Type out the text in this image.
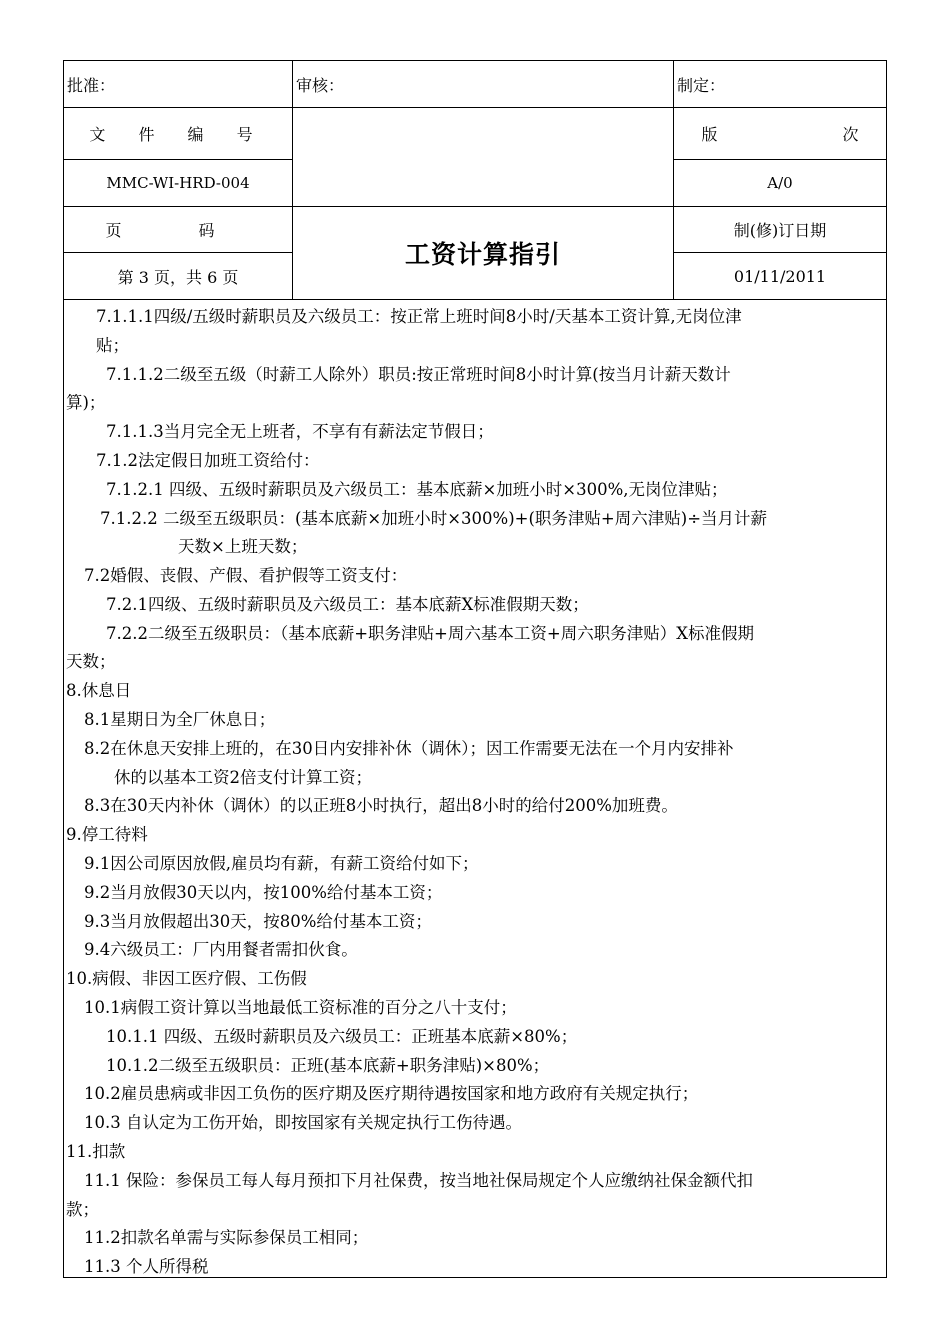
批准：	审核：	制定：
文 件 编 号
MMC-WI-HRD-004
页 码
第 3 页，共 6 页
工资计算指引
版 次
A/0
制(修)订日期
01/11/2011
7.1.1.1四级/五级时薪职员及六级员工：按正常上班时间8小时/天基本工资计算,无岗位津
贴；
7.1.1.2二级至五级（时薪工人除外）职员:按正常班时间8小时计算(按当月计薪天数计
算)；
7.1.1.3当月完全无上班者，不享有有薪法定节假日；
7.1.2法定假日加班工资给付：
7.1.2.1 四级、五级时薪职员及六级员工：基本底薪×加班小时×300%,无岗位津贴；
7.1.2.2 二级至五级职员：(基本底薪×加班小时×300%)+(职务津贴+周六津贴)÷当月计薪
天数×上班天数；
7.2婚假、丧假、产假、看护假等工资支付：
7.2.1四级、五级时薪职员及六级员工：基本底薪X标准假期天数；
7.2.2二级至五级职员：（基本底薪+职务津贴+周六基本工资+周六职务津贴）X标准假期
天数；
8.休息日
8.1星期日为全厂休息日；
8.2在休息天安排上班的，在30日内安排补休（调休）；因工作需要无法在一个月内安排补
休的以基本工资2倍支付计算工资；
8.3在30天内补休（调休）的以正班8小时执行，超出8小时的给付200%加班费。
9.停工待料
9.1因公司原因放假,雇员均有薪，有薪工资给付如下；
9.2当月放假30天以内，按100%给付基本工资；
9.3当月放假超出30天，按80%给付基本工资；
9.4六级员工：厂内用餐者需扣伙食。
10.病假、非因工医疗假、工伤假
10.1病假工资计算以当地最低工资标准的百分之八十支付；
10.1.1 四级、五级时薪职员及六级员工：正班基本底薪×80%；
10.1.2二级至五级职员：正班(基本底薪+职务津贴)×80%；
10.2雇员患病或非因工负伤的医疗期及医疗期待遇按国家和地方政府有关规定执行；
10.3 自认定为工伤开始，即按国家有关规定执行工伤待遇。
11.扣款
11.1 保险：参保员工每人每月预扣下月社保费，按当地社保局规定个人应缴纳社保金额代扣
款；
11.2扣款名单需与实际参保员工相同；
11.3 个人所得税
